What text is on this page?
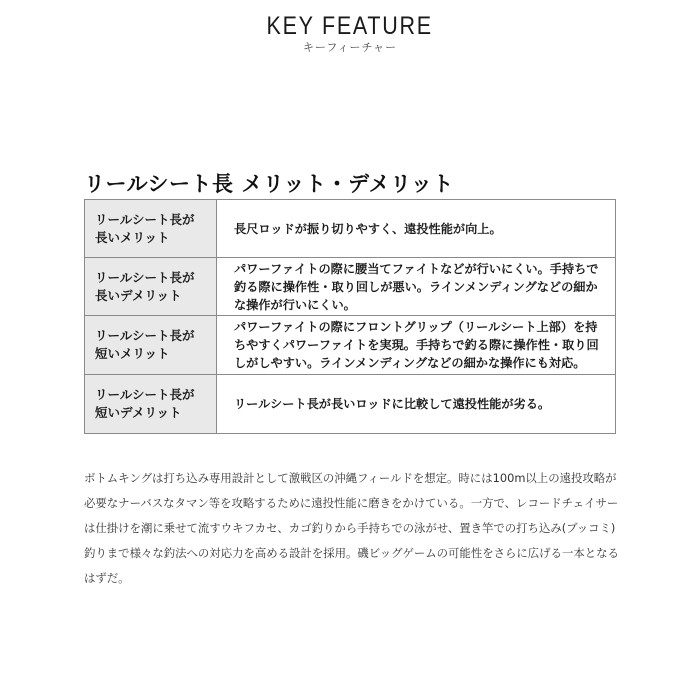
KEY FEATURE
キーフィーチャー
リールシート長 メリット・デメリット
リールシート長が
長いメリット	長尺ロッドが振り切りやすく、遠投性能が向上。
リールシート長が
長いデメリット	パワーファイトの際に腰当てファイトなどが行いにくい。手持ちで釣る際に操作性・取り回しが悪い。ラインメンディングなどの細かな操作が行いにくい。
リールシート長が
短いメリット	パワーファイトの際にフロントグリップ（リールシート上部）を持ちやすくパワーファイトを実現。手持ちで釣る際に操作性・取り回しがしやすい。ラインメンディングなどの細かな操作にも対応。
リールシート長が
短いデメリット	リールシート長が長いロッドに比較して遠投性能が劣る。
ボトムキングは打ち込み専用設計として激戦区の沖縄フィールドを想定。時には100m以上の遠投攻略が必要なナーバスなタマン等を攻略するために遠投性能に磨きをかけている。一方で、レコードチェイサーは仕掛けを潮に乗せて流すウキフカセ、カゴ釣りから手持ちでの泳がせ、置き竿での打ち込み(ブッコミ)釣りまで様々な釣法への対応力を高める設計を採用。磯ビッグゲームの可能性をさらに広げる一本となるはずだ。
